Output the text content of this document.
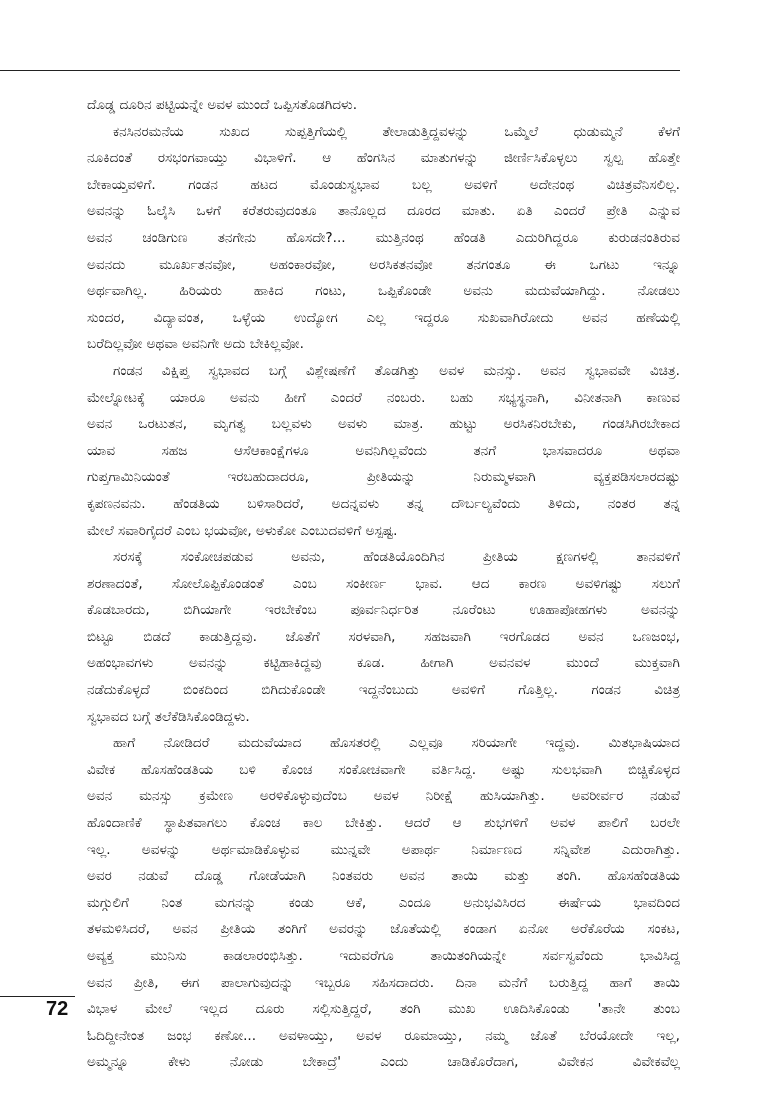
ದೊಡ್ಡ ದೂರಿನ ಪಟ್ಟಿಯನ್ನೇ ಅವಳ ಮುಂದೆ ಒಪ್ಪಿಸತೊಡಗಿದಳು.
ಕನಸಿನರಮನೆಯ ಸುಖದ ಸುಪ್ಪತ್ತಿಗೆಯಲ್ಲಿ ತೇಲಾಡುತ್ತಿದ್ದವಳನ್ನು ಒಮ್ಮೆಲೆ ಧುಡುಮ್ಮನೆ ಕೆಳಗೆ
ನೂಕಿದಂತೆ ರಸಭಂಗವಾಯ್ತು ವಿಭಾಳಿಗೆ. ಆ ಹೆಂಗಸಿನ ಮಾತುಗಳನ್ನು ಜೀರ್ಣಿಸಿಕೊಳ್ಳಲು ಸ್ವಲ್ಪ ಹೊತ್ತೇ
ಬೇಕಾಯ್ತವಳಿಗೆ. ಗಂಡನ ಹಟದ ಮೊಂಡುಸ್ವಭಾವ ಬಲ್ಲ ಅವಳಿಗೆ ಅದೇನಂಥ ವಿಚಿತ್ರವೆನಿಸಲಿಲ್ಲ.
ಅವನನ್ನು ಓಲೈಸಿ ಒಳಗೆ ಕರೆತರುವುದಂತೂ ತಾನೊಲ್ಲದ ದೂರದ ಮಾತು. ಏತಿ ಎಂದರೆ ಪ್ರೇತಿ ಎನ್ನುವ
ಅವನ ಚಂಡಿಗುಣ ತನಗೇನು ಹೊಸದೇ?... ಮುತ್ತಿನಂಥ ಹೆಂಡತಿ ಎದುರಿಗಿದ್ದರೂ ಕುರುಡನಂತಿರುವ
ಅವನದು ಮೂರ್ಖತನವೋ, ಅಹಂಕಾರವೋ, ಅರಸಿಕತನವೋ ತನಗಂತೂ ಈ ಒಗಟು ಇನ್ನೂ
ಅರ್ಥವಾಗಿಲ್ಲ. ಹಿರಿಯರು ಹಾಕಿದ ಗಂಟು, ಒಪ್ಪಿಕೊಂಡೇ ಅವನು ಮದುವೆಯಾಗಿದ್ದು. ನೋಡಲು
ಸುಂದರ, ವಿದ್ಯಾವಂತ, ಒಳ್ಳೆಯ ಉದ್ಯೋಗ ಎಲ್ಲ ಇದ್ದರೂ ಸುಖವಾಗಿರೋದು ಅವನ ಹಣೆಯಲ್ಲಿ
ಬರೆದಿಲ್ಲವೋ ಅಥವಾ ಅವನಿಗೇ ಅದು ಬೇಕಿಲ್ಲವೋ.
ಗಂಡನ ವಿಕ್ಷಿಪ್ತ ಸ್ವಭಾವದ ಬಗ್ಗೆ ವಿಶ್ಲೇಷಣೆಗೆ ತೊಡಗಿತ್ತು ಅವಳ ಮನಸ್ಸು. ಅವನ ಸ್ವಭಾವವೇ ವಿಚಿತ್ರ.
ಮೇಲ್ನೋಟಕ್ಕೆ ಯಾರೂ ಅವನು ಹೀಗೆ ಎಂದರೆ ನಂಬರು. ಬಹು ಸಭ್ಯಸ್ಥನಾಗಿ, ವಿನೀತನಾಗಿ ಕಾಣುವ
ಅವನ ಒರಟುತನ, ಮೃಗತ್ವ ಬಲ್ಲವಳು ಅವಳು ಮಾತ್ರ. ಹುಟ್ಟು ಅರಸಿಕನಿರಬೇಕು, ಗಂಡಸಿಗಿರಬೇಕಾದ
ಯಾವ ಸಹಜ ಆಸೆಆಕಾಂಕ್ಷೆಗಳೂ ಅವನಿಗಿಲ್ಲವೆಂದು ತನಗೆ ಭಾಸವಾದರೂ ಅಥವಾ
ಗುಪ್ತಗಾಮಿನಿಯಂತೆ ಇರಬಹುದಾದರೂ, ಪ್ರೀತಿಯನ್ನು ನಿರುಮ್ಮಳವಾಗಿ ವ್ಯಕ್ತಪಡಿಸಲಾರದಷ್ಟು
ಕೃಪಣನವನು. ಹೆಂಡತಿಯ ಬಳಿಸಾರಿದರೆ, ಅದನ್ನವಳು ತನ್ನ ದೌರ್ಬಲ್ಯವೆಂದು ತಿಳಿದು, ನಂತರ ತನ್ನ
ಮೇಲೆ ಸವಾರಿಗೈದರೆ ಎಂಬ ಭಯವೋ, ಅಳುಕೋ ಎಂಬುದವಳಿಗೆ ಅಸ್ಪಷ್ಟ.
ಸರಸಕ್ಕೆ ಸಂಕೋಚಪಡುವ ಅವನು, ಹೆಂಡತಿಯೊಂದಿಗಿನ ಪ್ರೀತಿಯ ಕ್ಷಣಗಳಲ್ಲಿ ತಾನವಳಿಗೆ
ಶರಣಾದಂತೆ, ಸೋಲೊಪ್ಪಿಕೊಂಡಂತೆ ಎಂಬ ಸಂಕೀರ್ಣ ಭಾವ. ಆದ ಕಾರಣ ಅವಳಿಗಷ್ಟು ಸಲುಗೆ
ಕೊಡಬಾರದು, ಬಿಗಿಯಾಗೇ ಇರಬೇಕೆಂಬ ಪೂರ್ವನಿರ್ಧರಿತ ನೂರೆಂಟು ಊಹಾಪೋಹಗಳು ಅವನನ್ನು
ಬಿಟ್ಟೂ ಬಿಡದೆ ಕಾಡುತ್ತಿದ್ದವು. ಜೊತೆಗೆ ಸರಳವಾಗಿ, ಸಹಜವಾಗಿ ಇರಗೊಡದ ಅವನ ಒಣಜಂಭ,
ಅಹಂಭಾವಗಳು ಅವನನ್ನು ಕಟ್ಟಿಹಾಕಿದ್ದವು ಕೂಡ. ಹೀಗಾಗಿ ಅವನವಳ ಮುಂದೆ ಮುಕ್ತವಾಗಿ
ನಡೆದುಕೊಳ್ಳದೆ ಬಿಂಕದಿಂದ ಬಿಗಿದುಕೊಂಡೇ ಇದ್ದನೆಂಬುದು ಅವಳಿಗೆ ಗೊತ್ತಿಲ್ಲ. ಗಂಡನ ವಿಚಿತ್ರ
ಸ್ವಭಾವದ ಬಗ್ಗೆ ತಲೆಕೆಡಿಸಿಕೊಂಡಿದ್ದಳು.
ಹಾಗೆ ನೋಡಿದರೆ ಮದುವೆಯಾದ ಹೊಸತರಲ್ಲಿ ಎಲ್ಲವೂ ಸರಿಯಾಗೇ ಇದ್ದವು. ಮಿತಭಾಷಿಯಾದ
ವಿವೇಕ ಹೊಸಹೆಂಡತಿಯ ಬಳಿ ಕೊಂಚ ಸಂಕೋಚವಾಗೇ ವರ್ತಿಸಿದ್ದ. ಅಷ್ಟು ಸುಲಭವಾಗಿ ಬಿಚ್ಚಿಕೊಳ್ಳದ
ಅವನ ಮನಸ್ಸು ಕ್ರಮೇಣ ಅರಳಿಕೊಳ್ಳುವುದೆಂಬ ಅವಳ ನಿರೀಕ್ಷೆ ಹುಸಿಯಾಗಿತ್ತು. ಅವರೀರ್ವರ ನಡುವೆ
ಹೊಂದಾಣಿಕೆ ಸ್ಥಾಪಿತವಾಗಲು ಕೊಂಚ ಕಾಲ ಬೇಕಿತ್ತು. ಆದರೆ ಆ ಶುಭಗಳಿಗೆ ಅವಳ ಪಾಲಿಗೆ ಬರಲೇ
ಇಲ್ಲ. ಅವಳನ್ನು ಅರ್ಥಮಾಡಿಕೊಳ್ಳುವ ಮುನ್ನವೇ ಅಪಾರ್ಥ ನಿರ್ಮಾಣದ ಸನ್ನಿವೇಶ ಎದುರಾಗಿತ್ತು.
ಅವರ ನಡುವೆ ದೊಡ್ಡ ಗೋಡೆಯಾಗಿ ನಿಂತವರು ಅವನ ತಾಯಿ ಮತ್ತು ತಂಗಿ. ಹೊಸಹೆಂಡತಿಯ
ಮಗ್ಗುಲಿಗೆ ನಿಂತ ಮಗನನ್ನು ಕಂಡು ಆಕೆ, ಎಂದೂ ಅನುಭವಿಸಿರದ ಈರ್ಷೆಯ ಭಾವದಿಂದ
ತಳಮಳಿಸಿದರೆ, ಅವನ ಪ್ರೀತಿಯ ತಂಗಿಗೆ ಅವರನ್ನು ಜೊತೆಯಲ್ಲಿ ಕಂಡಾಗ ಏನೋ ಅರೆಕೊರೆಯ ಸಂಕಟ,
ಅವ್ಯಕ್ತ ಮುನಿಸು ಕಾಡಲಾರಂಭಿಸಿತ್ತು. ಇದುವರೆಗೂ ತಾಯಿತಂಗಿಯನ್ನೇ ಸರ್ವಸ್ವವೆಂದು ಭಾವಿಸಿದ್ದ
ಅವನ ಪ್ರೀತಿ, ಈಗ ಪಾಲಾಗುವುದನ್ನು ಇಬ್ಬರೂ ಸಹಿಸದಾದರು. ದಿನಾ ಮನೆಗೆ ಬರುತ್ತಿದ್ದ ಹಾಗೆ ತಾಯಿ
ವಿಭಾಳ ಮೇಲೆ ಇಲ್ಲದ ದೂರು ಸಲ್ಲಿಸುತ್ತಿದ್ದರೆ, ತಂಗಿ ಮುಖ ಊದಿಸಿಕೊಂಡು 'ತಾನೇ ತುಂಬ
ಓದಿದ್ದೀನೇಂತ ಜಂಭ ಕಣೋ... ಅವಳಾಯ್ತು, ಅವಳ ರೂಮಾಯ್ತು, ನಮ್ಮ ಜೊತೆ ಬೆರಯೋದೇ ಇಲ್ಲ,
ಅಮ್ಮನ್ನೂ ಕೇಳು ನೋಡು ಬೇಕಾದ್ರೆ' ಎಂದು ಚಾಡಿಕೊರೆದಾಗ, ವಿವೇಕನ ವಿವೇಕವೆಲ್ಲ
72
